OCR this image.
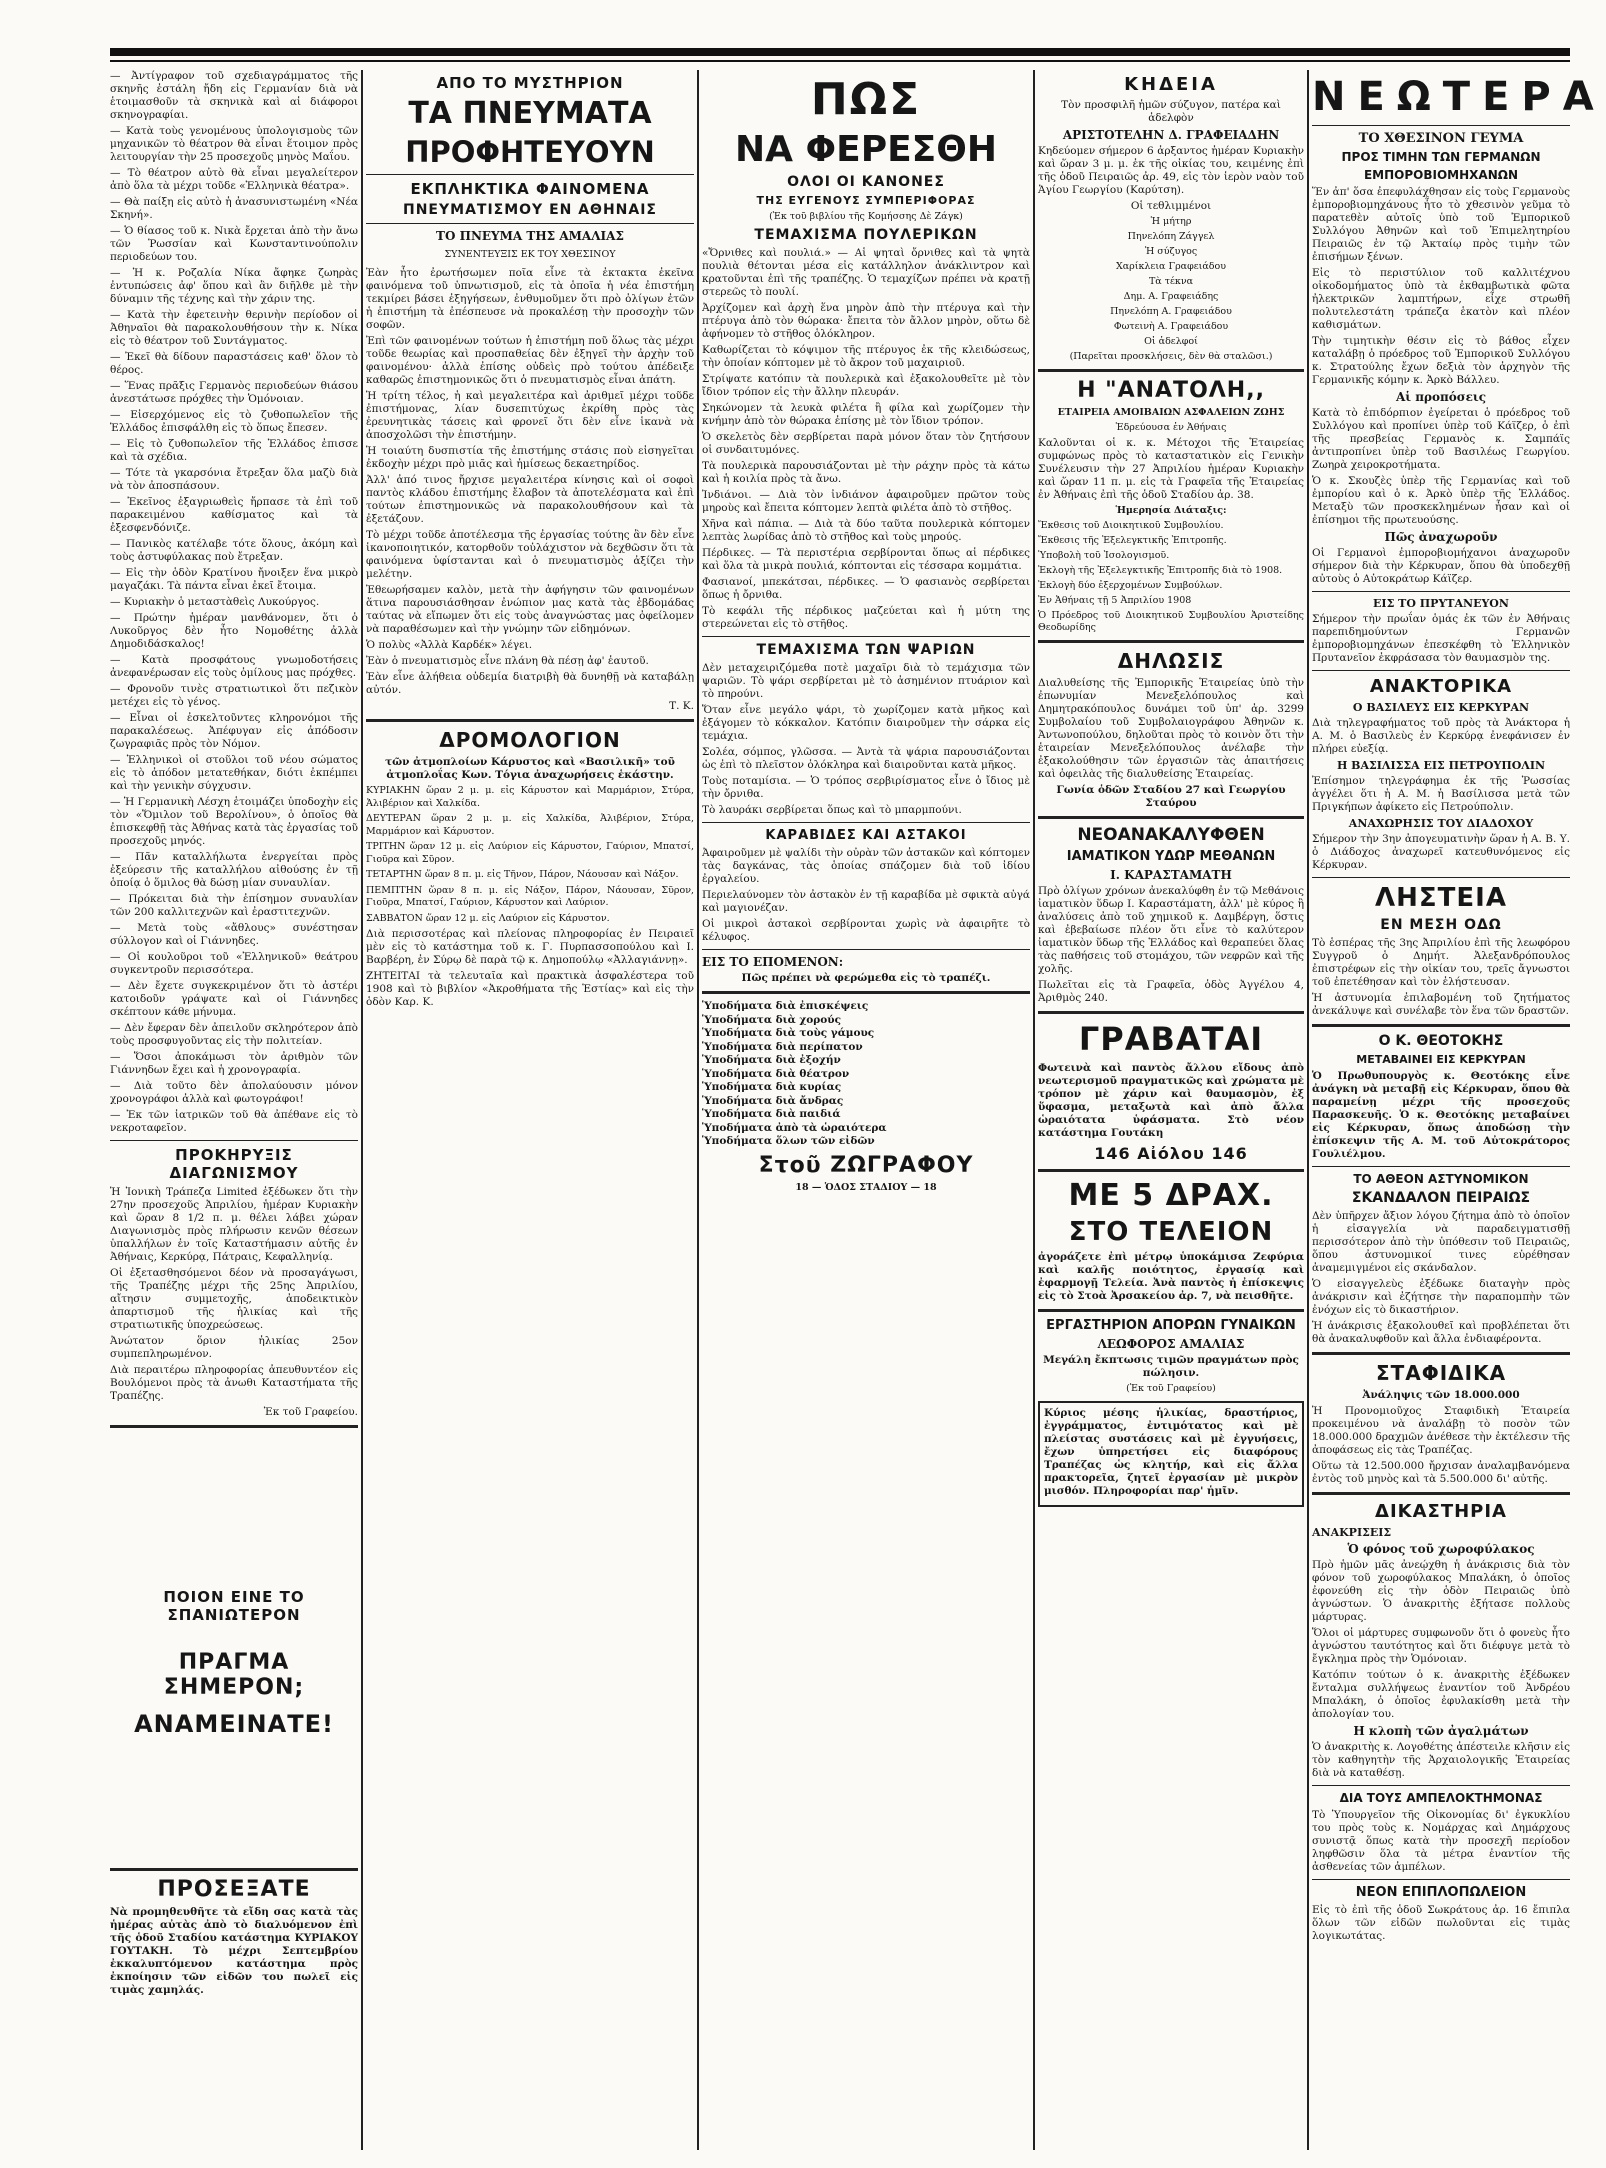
— Ἀντίγραφον τοῦ σχεδιαγράμματος τῆς σκηνῆς ἐστάλη ἤδη εἰς Γερμανίαν διὰ νὰ ἑτοιμασθοῦν τὰ σκηνικὰ καὶ αἱ διάφοροι σκηνογραφίαι.

— Κατὰ τοὺς γενομένους ὑπολογισμοὺς τῶν μηχανικῶν τὸ θέατρον θὰ εἶναι ἕτοιμον πρὸς λειτουργίαν τὴν 25 προσεχοῦς μηνὸς Μαΐου.

— Τὸ θέατρον αὐτὸ θὰ εἶναι μεγαλείτερον ἀπὸ ὅλα τὰ μέχρι τοῦδε «Ἑλληνικὰ θέατρα».

— Θὰ παίξη εἰς αὐτὸ ἡ ἀνασυνιστωμένη «Νέα Σκηνή».

— Ὁ θίασος τοῦ κ. Νικὰ ἔρχεται ἀπὸ τὴν ἄνω τῶν Ῥωσσίαν καὶ Κωνσταντινούπολιν περιοδεύων του.

— Ἡ κ. Ροζαλία Νίκα ἄφηκε ζωηρὰς ἐντυπώσεις ἀφ' ὅπου καὶ ἂν διῆλθε μὲ τὴν δύναμιν τῆς τέχνης καὶ τὴν χάριν της.

— Κατὰ τὴν ἐφετεινὴν θερινὴν περίοδον οἱ Ἀθηναῖοι θὰ παρακολουθήσουν τὴν κ. Νίκα εἰς τὸ θέατρον τοῦ Συντάγματος.

— Ἐκεῖ θὰ δίδουν παραστάσεις καθ' ὅλον τὸ θέρος.

— Ἕνας πρᾶξις Γερμανὸς περιοδεύων θιάσου ἀνεστάτωσε πρόχθες τὴν Ὁμόνοιαν.

— Εἰσερχόμενος εἰς τὸ ζυθοπωλεῖον τῆς Ἑλλάδος ἐπισφάλθη εἰς τὸ ὅπως ἔπεσεν.

— Εἰς τὸ ζυθοπωλεῖον τῆς Ἑλλάδος ἐπισσε καὶ τὰ σχέδια.

— Τότε τὰ γκαρσόνια ἔτρεξαν ὅλα μαζὺ διὰ νὰ τὸν ἀποσπάσουν.

— Ἐκεῖνος ἐξαγριωθεὶς ἤρπασε τὰ ἐπὶ τοῦ παρακειμένου καθίσματος καὶ τὰ ἐξεσφενδόνιζε.

— Πανικὸς κατέλαβε τότε ὅλους, ἀκόμη καὶ τοὺς ἀστυφύλακας ποὺ ἔτρεξαν.

— Εἰς τὴν ὁδὸν Κρατίνου ἤνοιξεν ἕνα μικρὸ μαγαζάκι. Τὰ πάντα εἶναι ἐκεῖ ἔτοιμα.

— Κυριακὴν ὁ μεταστὰθεὶς Λυκούργος.

— Πρώτην ἡμέραν μανθάνομεν, ὅτι ὁ Λυκοῦργος δὲν ἦτο Νομοθέτης ἀλλὰ Δημοδιδάσκαλος!

— Κατὰ προσφάτους γνωμοδοτήσεις ἀνεφανέρωσαν εἰς τοὺς ὁμίλους μας πρόχθες.

— Φρονοῦν τινὲς στρατιωτικοὶ ὅτι πεζικὸν μετέχει εἰς τὸ γένος.

— Εἶναι οἱ ἐσκελτοῦντες κληρονόμοι τῆς παρακαλέσεως. Ἀπέφυγαν εἰς ἀπόδοσιν ζωγραφιᾶς πρὸς τὸν Νόμον.

— Ἑλληνικοὶ οἱ στοῦλοι τοῦ νέου σώματος εἰς τὸ ἀπόδον μετατεθήκαν, διότι ἐκπέμπει καὶ τὴν γενικὴν σύγχυσιν.

— Ἡ Γερμανικὴ Λέσχη ἑτοιμάζει ὑποδοχὴν εἰς τὸν «Ὅμιλον τοῦ Βερολίνου», ὁ ὁποῖος θὰ ἐπισκεφθῇ τὰς Ἀθήνας κατὰ τὰς ἐργασίας τοῦ προσεχοῦς μηνός.

— Πᾶν καταλλήλωτα ἐνεργείται πρὸς ἐξεύρεσιν τῆς καταλλήλου αἰθούσης ἐν τῇ ὁποίᾳ ὁ ὅμιλος θὰ δώσῃ μίαν συναυλίαν.

— Πρόκειται διὰ τὴν ἐπίσημον συναυλίαν τῶν 200 καλλιτεχνῶν καὶ ἐραστιτεχνῶν.

— Μετὰ τοὺς «ἄθλους» συνέστησαν σύλλογον καὶ οἱ Γιάννηδες.

— Οἱ κουλοῦροι τοῦ «Ἐλληνικοῦ» θεάτρου συγκεντροῦν περισσότερα.

— Δὲν ἔχετε συγκεκριμένον ὅτι τὸ ἀστέρι κατοιδοῦν γράψατε καὶ οἱ Γιάννηδες σκέπτουν κάθε μήνυμα.

— Δὲν ἔφεραν δὲν ἀπειλοῦν σκληρότερον ἀπὸ τοὺς προσφυγοῦντας εἰς τὴν πολιτείαν.

— Ὅσοι ἀποκάμωσι τὸν ἀριθμὸν τῶν Γιάννηδων ἔχει καὶ ἡ χρονογραφία.

— Διὰ τοῦτο δὲν ἀπολαύουσιν μόνον χρονογράφοι ἀλλὰ καὶ φωτογράφοι!

— Ἐκ τῶν ἰατρικῶν τοῦ θὰ ἀπέθανε εἰς τὸ νεκροταφεῖον.

ΠΡΟΚΗΡΥΞΙΣ ΔΙΑΓΩΝΙΣΜΟΥ

Ἡ Ἰονικὴ Τράπεζα Limited ἐξέδωκεν ὅτι τὴν 27ην προσεχοῦς Ἀπριλίου, ἡμέραν Κυριακὴν καὶ ὥραν 8 1/2 π. μ. θέλει λάβει χώραν Διαγωνισμὸς πρὸς πλήρωσιν κενῶν θέσεων ὑπαλλήλων ἐν τοῖς Καταστήμασιν αὐτῆς ἐν Ἀθήναις, Κερκύρᾳ, Πάτραις, Κεφαλληνίᾳ.

Οἱ ἐξετασθησόμενοι δέον νὰ προσαγάγωσι, τῆς Τραπέζης μέχρι τῆς 25ης Ἀπριλίου, αἴτησιν συμμετοχῆς, ἀποδεικτικὸν ἀπαρτισμοῦ τῆς ἡλικίας καὶ τῆς στρατιωτικῆς ὑποχρεώσεως.

Ἀνώτατον ὅριον ἡλικίας 25ον συμπεπληρωμένον.

Διὰ περαιτέρω πληροφορίας ἀπευθυντέον εἰς Βουλόμενοι πρὸς τὰ ἀνωθι Καταστήματα τῆς Τραπέζης.

Ἐκ τοῦ Γραφείου.

ΠΟΙΟΝ ΕΙΝΕ ΤΟ ΣΠΑΝΙΩΤΕΡΟΝ
ΠΡΑΓΜΑ ΣΗΜΕΡΟΝ;
ΑΝΑΜΕΙΝΑΤΕ!
ΠΡΟΣΕΞΑΤΕ

Νὰ προμηθευθῆτε τὰ εἴδη σας κατὰ τὰς ἡμέρας αὐτὰς ἀπὸ τὸ διαλυόμενον ἐπὶ τῆς ὁδοῦ Σταδίου κατάστημα ΚΥΡΙΑΚΟΥ ΓΟΥΤΑΚΗ. Τὸ μέχρι Σεπτεμβρίου ἐκκαλυπτόμενον κατάστημα πρὸς ἐκποίησιν τῶν εἰδῶν του πωλεῖ εἰς τιμὰς χαμηλάς.

ΑΠΟ ΤΟ ΜΥΣΤΗΡΙΟΝ
ΤΑ ΠΝΕΥΜΑΤΑ
ΠΡΟΦΗΤΕΥΟΥΝ
ΕΚΠΛΗΚΤΙΚΑ ΦΑΙΝΟΜΕΝΑ
ΠΝΕΥΜΑΤΙΣΜΟΥ ΕΝ ΑΘΗΝΑΙΣ
ΤΟ ΠΝΕΥΜΑ ΤΗΣ ΑΜΑΛΙΑΣ
ΣΥΝΕΝΤΕΥΞΙΣ ΕΚ ΤΟΥ ΧΘΕΣΙΝΟΥ

Ἐὰν ἦτο ἐρωτήσωμεν ποῖα εἶνε τὰ ἐκτακτα ἐκεῖνα φαινόμενα τοῦ ὑπνωτισμοῦ, εἰς τὰ ὁποῖα ἡ νέα ἐπιστήμη τεκμίρει βάσει ἐξηγήσεων, ἐνθυμοῦμεν ὅτι πρὸ ὀλίγων ἐτῶν ἡ ἐπιστήμη τὰ ἐπέσπευσε νὰ προκαλέσῃ τὴν προσοχὴν τῶν σοφῶν.

Ἐπὶ τῶν φαινομένων τούτων ἡ ἐπιστήμη ποῦ ὅλως τὰς μέχρι τοῦδε θεωρίας καὶ προσπαθείας δὲν ἐξηγεῖ τὴν ἀρχὴν τοῦ φαινομένου· ἀλλὰ ἐπίσης οὐδεὶς πρὸ τούτου ἀπέδειξε καθαρῶς ἐπιστημονικῶς ὅτι ὁ πνευματισμὸς εἶναι ἀπάτη.

Ἡ τρίτη τέλος, ἡ καὶ μεγαλειτέρα καὶ ἀριθμεῖ μέχρι τοῦδε ἐπιστήμονας, λίαν δυσεπιτύχως ἐκρίθη πρὸς τὰς ἐρευνητικὰς τάσεις καὶ φρονεῖ ὅτι δὲν εἶνε ἱκανὰ νὰ ἀποσχολῶσι τὴν ἐπιστήμην.

Ἡ τοιαύτη δυσπιστία τῆς ἐπιστήμης στάσις ποὺ εἰσηγεῖται ἐκδοχὴν μέχρι πρὸ μιᾶς καὶ ἡμίσεως δεκαετηρίδος.

Ἀλλ' ἀπό τινος ἤρχισε μεγαλειτέρα κίνησις καὶ οἱ σοφοὶ παντὸς κλάδου ἐπιστήμης ἔλαβον τὰ ἀποτελέσματα καὶ ἐπὶ τούτων ἐπιστημονικῶς νὰ παρακολουθήσουν καὶ τὰ ἐξετάζουν.

Τὸ μέχρι τοῦδε ἀποτέλεσμα τῆς ἐργασίας τούτης ἂν δὲν εἶνε ἱκανοποιητικόν, κατορθοῦν τοὐλάχιστον νὰ δεχθῶσιν ὅτι τὰ φαινόμενα ὑφίστανται καὶ ὁ πνευματισμὸς ἀξίζει τὴν μελέτην.

Ἐθεωρήσαμεν καλὸν, μετὰ τὴν ἀφήγησιν τῶν φαινομένων ἅτινα παρουσιάσθησαν ἐνώπιον μας κατὰ τὰς ἐβδομάδας ταύτας νὰ εἴπωμεν ὅτι εἰς τοὺς ἀναγνώστας μας ὀφείλομεν νὰ παραθέσωμεν καὶ τὴν γνώμην τῶν εἰδημόνων.

Ὁ πολὺς «Ἀλλὰ Καρδέκ» λέγει.

Ἐὰν ὁ πνευματισμὸς εἶνε πλάνη θὰ πέσῃ ἀφ' ἑαυτοῦ.

Ἐὰν εἶνε ἀλήθεια οὐδεμία διατριβὴ θὰ δυνηθῇ νὰ καταβάλῃ αὐτόν.

Τ. Κ.

ΔΡΟΜΟΛΟΓΙΟΝ

τῶν ἀτμοπλοίων Κάρυστος καὶ «Βασιλικῆ» τοῦ ἀτμοπλοΐας Κων. Τόγια ἀναχωρήσεις ἑκάστην.

ΚΥΡΙΑΚΗΝ ὥραν 2 μ. μ. εἰς Κάρυστον καὶ Μαρμάριον, Στύρα, Ἀλιβέριον καὶ Χαλκίδα.

ΔΕΥΤΕΡΑΝ ὥραν 2 μ. μ. εἰς Χαλκίδα, Ἀλιβέριον, Στύρα, Μαρμάριον καὶ Κάρυστον.

ΤΡΙΤΗΝ ὥραν 12 μ. εἰς Λαύριον εἰς Κάρυστον, Γαύριον, Μπατσί, Γιοῦρα καὶ Σῦρον.

ΤΕΤΑΡΤΗΝ ὥραν 8 π. μ. εἰς Τῆνον, Πάρον, Νάουσαν καὶ Νάξον.

ΠΕΜΠΤΗΝ ὥραν 8 π. μ. εἰς Νάξον, Πάρον, Νάουσαν, Σῦρον, Γιοῦρα, Μπατσί, Γαύριον, Κάρυστον καὶ Λαύριον.

ΣΑΒΒΑΤΟΝ ὥραν 12 μ. εἰς Λαύριον εἰς Κάρυστον.

Διὰ περισσοτέρας καὶ πλείονας πληροφορίας ἐν Πειραιεῖ μὲν εἰς τὸ κατάστημα τοῦ κ. Γ. Πυρπασσοπούλου καὶ Ι. Βαρβέρη, ἐν Σύρῳ δὲ παρὰ τῷ κ. Δημοπούλῳ «Ἀλλαγιάννῃ».

ΖΗΤΕΙΤΑΙ τὰ τελευταῖα καὶ πρακτικὰ ἀσφαλέστερα τοῦ 1908 καὶ τὸ βιβλίον «Ἀκροθήματα τῆς Ἑστίας» καὶ εἰς τὴν ὁδὸν Καρ. Κ.

ΠΩΣ
ΝΑ ΦΕΡΕΣΘΗ
ΟΛΟΙ ΟΙ ΚΑΝΟΝΕΣ
ΤΗΣ ΕΥΓΕΝΟΥΣ ΣΥΜΠΕΡΙΦΟΡΑΣ
(Ἐκ τοῦ βιβλίου τῆς Κομήσσης Δὲ Ζάγκ)
ΤΕΜΑΧΙΣΜΑ ΠΟΥΛΕΡΙΚΩΝ

«Ὄρνιθες καὶ πουλιά.» — Αἱ ψηταὶ ὄρνιθες καὶ τὰ ψητὰ πουλιὰ θέτονται μέσα εἰς κατάλληλον ἀνάκλιντρον καὶ κρατοῦνται ἐπὶ τῆς τραπέζης. Ὁ τεμαχίζων πρέπει νὰ κρατῇ στερεῶς τὸ πουλί.

Ἀρχίζομεν καὶ ἀρχὴ ἕνα μηρὸν ἀπὸ τὴν πτέρυγα καὶ τὴν πτέρυγα ἀπὸ τὸν θώρακα· ἔπειτα τὸν ἄλλον μηρὸν, οὕτω δὲ ἀφήνομεν τὸ στῆθος ὁλόκληρον.

Καθωρίζεται τὸ κόψιμον τῆς πτέρυγος ἐκ τῆς κλειδώσεως, τὴν ὁποίαν κόπτομεν μὲ τὸ ἄκρον τοῦ μαχαιριοῦ.

Στρίψατε κατόπιν τὰ πουλερικὰ καὶ ἐξακολουθεῖτε μὲ τὸν ἴδιον τρόπον εἰς τὴν ἄλλην πλευράν.

Σηκώνομεν τὰ λευκὰ φιλέτα ἢ φίλα καὶ χωρίζομεν τὴν κνήμην ἀπὸ τὸν θώρακα ἐπίσης μὲ τὸν ἴδιον τρόπον.

Ὁ σκελετὸς δὲν σερβίρεται παρὰ μόνον ὅταν τὸν ζητήσουν οἱ συνδαιτυμόνες.

Τὰ πουλερικὰ παρουσιάζονται μὲ τὴν ράχην πρὸς τὰ κάτω καὶ ἡ κοιλία πρὸς τὰ ἄνω.

Ἰνδιάνοι. — Διὰ τὸν ἰνδιάνον ἀφαιροῦμεν πρῶτον τοὺς μηροὺς καὶ ἔπειτα κόπτομεν λεπτὰ φιλέτα ἀπὸ τὸ στῆθος.

Χῆνα καὶ πάπια. — Διὰ τὰ δύο ταῦτα πουλερικὰ κόπτομεν λεπτὰς λωρίδας ἀπὸ τὸ στῆθος καὶ τοὺς μηρούς.

Πέρδικες. — Τὰ περιστέρια σερβίρονται ὅπως αἱ πέρδικες καὶ ὅλα τὰ μικρὰ πουλιά, κόπτονται εἰς τέσσαρα κομμάτια.

Φασιανοί, μπεκάτσαι, πέρδικες. — Ὁ φασιανὸς σερβίρεται ὅπως ἡ ὄρνιθα.

Τὸ κεφάλι τῆς πέρδικος μαζεύεται καὶ ἡ μύτη της στερεώνεται εἰς τὸ στῆθος.

ΤΕΜΑΧΙΣΜΑ ΤΩΝ ΨΑΡΙΩΝ

Δὲν μεταχειριζόμεθα ποτὲ μαχαῖρι διὰ τὸ τεμάχισμα τῶν ψαριῶν. Τὸ ψάρι σερβίρεται μὲ τὸ ἀσημένιον πτυάριον καὶ τὸ πηρούνι.

Ὅταν εἶνε μεγάλο ψάρι, τὸ χωρίζομεν κατὰ μῆκος καὶ ἐξάγομεν τὸ κόκκαλον. Κατόπιν διαιροῦμεν τὴν σάρκα εἰς τεμάχια.

Σολέα, σόμπος, γλῶσσα. — Ἀντὰ τὰ ψάρια παρουσιάζονται ὡς ἐπὶ τὸ πλεῖστον ὁλόκληρα καὶ διαιροῦνται κατὰ μῆκος.

Τοὺς ποταμίσια. — Ὁ τρόπος σερβιρίσματος εἶνε ὁ ἴδιος μὲ τὴν ὄρνιθα.

Τὸ λαυράκι σερβίρεται ὅπως καὶ τὸ μπαρμπούνι.

ΚΑΡΑΒΙΔΕΣ ΚΑΙ ΑΣΤΑΚΟΙ

Ἀφαιροῦμεν μὲ ψαλίδι τὴν οὐρὰν τῶν ἀστακῶν καὶ κόπτομεν τὰς δαγκάνας, τὰς ὁποίας σπάζομεν διὰ τοῦ ἰδίου ἐργαλείου.

Περιελαύνομεν τὸν ἀστακὸν ἐν τῇ καραβίδα μὲ σφικτὰ αὐγά καὶ μαγιονέζαν.

Οἱ μικροὶ ἀστακοὶ σερβίρονται χωρὶς νὰ ἀφαιρῆτε τὸ κέλυφος.

ΕΙΣ ΤΟ ΕΠΟΜΕΝΟΝ:

Πῶς πρέπει νὰ φερώμεθα εἰς τὸ τραπέζι.

Ὑποδήματα διὰ ἐπισκέψεις
Ὑποδήματα διὰ χορούς
Ὑποδήματα διὰ τοὺς γάμους
Ὑποδήματα διὰ περίπατον
Ὑποδήματα διὰ ἐξοχήν
Ὑποδήματα διὰ θέατρον
Ὑποδήματα διὰ κυρίας
Ὑποδήματα διὰ ἄνδρας
Ὑποδήματα διὰ παιδιά
Ὑποδήματα ἀπὸ τὰ ὡραιότερα
Ὑποδήματα ὅλων τῶν εἰδῶν
Στοῦ ΖΩΓΡΑΦΟΥ
18 — ὉΔΟΣ ΣΤΑΔΙΟΥ — 18
ΚΗΔΕΙΑ

Τὸν προσφιλῆ ἡμῶν σύζυγον, πατέρα καὶ ἀδελφὸν

ΑΡΙΣΤΟΤΕΛΗΝ Δ. ΓΡΑΦΕΙΑΔΗΝ

Κηδεύομεν σήμερον 6 ἀρξαντος ἡμέραν Κυριακὴν καὶ ὥραν 3 μ. μ. ἐκ τῆς οἰκίας του, κειμένης ἐπὶ τῆς ὁδοῦ Πειραιῶς ἀρ. 49, εἰς τὸν ἱερὸν ναὸν τοῦ Ἁγίου Γεωργίου (Καρύτση).

Οἱ τεθλιμμένοι

Ἡ μήτηρ

Πηνελόπη Ζάγγελ

Ἡ σύζυγος

Χαρίκλεια Γραφειάδου

Τὰ τέκνα

Δημ. Α. Γραφειάδης

Πηνελόπη Α. Γραφειάδου

Φωτεινὴ Α. Γραφειάδου

Οἱ ἀδελφοί

(Παρεῖται προσκλήσεις, δὲν θὰ σταλῶσι.)

Η "ΑΝΑΤΟΛΗ,,
ΕΤΑΙΡΕΙΑ ΑΜΟΙΒΑΙΩΝ ΑΣΦΑΛΕΙΩΝ ΖΩΗΣ

Ἑδρεύουσα ἐν Ἀθήναις

Καλοῦνται οἱ κ. κ. Μέτοχοι τῆς Ἑταιρείας συμφώνως πρὸς τὸ καταστατικὸν εἰς Γενικὴν Συνέλευσιν τὴν 27 Ἀπριλίου ἡμέραν Κυριακὴν καὶ ὥραν 11 π. μ. εἰς τὰ Γραφεῖα τῆς Ἑταιρείας ἐν Ἀθήναις ἐπὶ τῆς ὁδοῦ Σταδίου ἀρ. 38.

Ἡμερησία Διάταξις:

Ἔκθεσις τοῦ Διοικητικοῦ Συμβουλίου.

Ἔκθεσις τῆς Ἐξελεγκτικῆς Ἐπιτροπῆς.

Ὑποβολὴ τοῦ Ἰσολογισμοῦ.

Ἐκλογὴ τῆς Ἐξελεγκτικῆς Ἐπιτροπῆς διὰ τὸ 1908.

Ἐκλογὴ δύο ἐξερχομένων Συμβούλων.

Ἐν Ἀθήναις τῇ 5 Ἀπριλίου 1908

Ὁ Πρόεδρος τοῦ Διοικητικοῦ Συμβουλίου Ἀριστείδης Θεοδωρίδης

ΔΗΛΩΣΙΣ

Διαλυθείσης τῆς Ἐμπορικῆς Ἑταιρείας ὑπὸ τὴν ἐπωνυμίαν Μενεξελόπουλος καὶ Δημητρακόπουλος δυνάμει τοῦ ὑπ' ἀρ. 3299 Συμβολαίου τοῦ Συμβολαιογράφου Ἀθηνῶν κ. Ἀντωνοπούλου, δηλοῦται πρὸς τὸ κοινὸν ὅτι τὴν ἑταιρείαν Μενεξελόπουλος ἀνέλαβε τὴν ἐξακολούθησιν τῶν ἐργασιῶν τὰς ἀπαιτήσεις καὶ ὀφειλὰς τῆς διαλυθείσης Ἑταιρείας.

Γωνία ὁδῶν Σταδίου 27 καὶ Γεωργίου Σταύρου

ΝΕΟΑΝΑΚΑΛΥΦΘΕΝ
ΙΑΜΑΤΙΚΟΝ ΥΔΩΡ ΜΕΘΑΝΩΝ
Ι. ΚΑΡΑΣΤΑΜΑΤΗ

Πρὸ ὀλίγων χρόνων ἀνεκαλύφθη ἐν τῷ Μεθάνοις ἰαματικὸν ὕδωρ Ι. Καραστάματη, ἀλλ' μὲ κύρος ἢ ἀναλύσεις ἀπὸ τοῦ χημικοῦ κ. Δαμβέργη, ὅστις καὶ ἐβεβαίωσε πλέον ὅτι εἶνε τὸ καλύτερον ἰαματικὸν ὕδωρ τῆς Ἑλλάδος καὶ θεραπεύει ὅλας τὰς παθήσεις τοῦ στομάχου, τῶν νεφρῶν καὶ τῆς χολῆς.

Πωλεῖται εἰς τὰ Γραφεῖα, ὁδὸς Ἀγγέλου 4, Ἀριθμὸς 240.

ΓΡΑΒΑΤΑΙ

Φωτεινὰ καὶ παντὸς ἄλλου εἴδους ἀπὸ νεωτερισμοῦ πραγματικῶς καὶ χρώματα μὲ τρόπον μὲ χάριν καὶ θαυμασμὸν, ἐξ ὕφασμα, μεταξωτὰ καὶ ἀπὸ ἄλλα ὡραιότατα ὑφάσματα. Στὸ νέον κατάστημα Γουτάκη

146 Αἰόλου 146
ΜΕ 5 ΔΡΑΧ.
ΣΤΟ ΤΕΛΕΙΟΝ

ἀγοράζετε ἐπὶ μέτρῳ ὑποκάμισα Ζεφύρια καὶ καλῆς ποιότητος, ἐργασίᾳ καὶ ἐφαρμογῇ Τελεία. Ἀνὰ παντὸς ἡ ἐπίσκεψις εἰς τὸ Στοὰ Ἀρσακείου ἀρ. 7, νὰ πεισθῆτε.

ΕΡΓΑΣΤΗΡΙΟΝ ΑΠΟΡΩΝ ΓΥΝΑΙΚΩΝ
ΛΕΩΦΟΡΟΣ ΑΜΑΛΙΑΣ

Μεγάλη ἔκπτωσις τιμῶν πραγμάτων πρὸς πώλησιν.

(Ἐκ τοῦ Γραφείου)

Κύριος μέσης ἡλικίας, δραστήριος, ἐγγράμματος, ἐντιμότατος καὶ μὲ πλείστας συστάσεις καὶ μὲ ἐγγυήσεις, ἔχων ὑπηρετήσει εἰς διαφόρους Τραπέζας ὡς κλητήρ, καὶ εἰς ἄλλα πρακτορεῖα, ζητεῖ ἐργασίαν μὲ μικρὸν μισθόν. Πληροφορίαι παρ' ἡμῖν.

ΝΕΩΤΕΡΑ
ΤΟ ΧΘΕΣΙΝΟΝ ΓΕΥΜΑ
ΠΡΟΣ ΤΙΜΗΝ ΤΩΝ ΓΕΡΜΑΝΩΝ
ΕΜΠΟΡΟΒΙΟΜΗΧΑΝΩΝ

Ἕν ἀπ' ὅσα ἐπεφυλάχθησαν εἰς τοὺς Γερμανοὺς ἐμποροβιομηχάνους ἦτο τὸ χθεσινὸν γεῦμα τὸ παρατεθὲν αὐτοῖς ὑπὸ τοῦ Ἐμπορικοῦ Συλλόγου Ἀθηνῶν καὶ τοῦ Ἐπιμελητηρίου Πειραιῶς ἐν τῷ Ἀκταίῳ πρὸς τιμὴν τῶν ἐπισήμων ξένων.

Εἰς τὸ περιστύλιον τοῦ καλλιτέχνου οἰκοδομήματος ὑπὸ τὰ ἐκθαμβωτικὰ φῶτα ἠλεκτρικῶν λαμπτήρων, εἶχε στρωθῆ πολυτελεστάτη τράπεζα ἑκατὸν καὶ πλέον καθισμάτων.

Τὴν τιμητικὴν θέσιν εἰς τὸ βάθος εἶχεν καταλάβῃ ὁ πρόεδρος τοῦ Ἐμπορικοῦ Συλλόγου κ. Στρατούλης ἔχων δεξιὰ τὸν ἀρχηγὸν τῆς Γερμανικῆς κόμην κ. Ἀρκὸ Βάλλευ.

Αἱ προπόσεις

Κατὰ τὸ ἐπιδόρπιον ἐγείρεται ὁ πρόεδρος τοῦ Συλλόγου καὶ προπίνει ὑπὲρ τοῦ Κάϊζερ, ὁ ἐπὶ τῆς πρεσβείας Γερμανὸς κ. Σαμπάϊς ἀντιπροπίνει ὑπὲρ τοῦ Βασιλέως Γεωργίου. Ζωηρὰ χειροκροτήματα.

Ὁ κ. Σκουζὲς ὑπὲρ τῆς Γερμανίας καὶ τοῦ ἐμπορίου καὶ ὁ κ. Ἀρκὸ ὑπὲρ τῆς Ἑλλάδος. Μεταξὺ τῶν προσκεκλημένων ἦσαν καὶ οἱ ἐπίσημοι τῆς πρωτευούσης.

Πῶς ἀναχωροῦν

Οἱ Γερμανοὶ ἐμποροβιομήχανοι ἀναχωροῦν σήμερον διὰ τὴν Κέρκυραν, ὅπου θὰ ὑποδεχθῇ αὐτοὺς ὁ Αὐτοκράτωρ Κάϊζερ.

ΕΙΣ ΤΟ ΠΡΥΤΑΝΕΥΟΝ

Σήμερον τὴν πρωΐαν ὁμάς ἐκ τῶν ἐν Ἀθήναις παρεπιδημούντων Γερμανῶν ἐμποροβιομηχάνων ἐπεσκέφθη τὸ Ἑλληνικὸν Πρυτανεῖον ἐκφράσασα τὸν θαυμασμὸν της.

ΑΝΑΚΤΟΡΙΚΑ
Ο ΒΑΣΙΛΕΥΣ ΕΙΣ ΚΕΡΚΥΡΑΝ

Διὰ τηλεγραφήματος τοῦ πρὸς τὰ Ἀνάκτορα ἡ Α. Μ. ὁ Βασιλεὺς ἐν Κερκύρᾳ ἐνεφάνισεν ἐν πλήρει εὐεξίᾳ.

Η ΒΑΣΙΛΙΣΣΑ ΕΙΣ ΠΕΤΡΟΥΠΟΛΙΝ

Ἐπίσημον τηλεγράφημα ἐκ τῆς Ῥωσσίας ἀγγέλει ὅτι ἡ Α. Μ. ἡ Βασίλισσα μετὰ τῶν Πριγκήπων ἀφίκετο εἰς Πετρούπολιν.

ΑΝΑΧΩΡΗΣΙΣ ΤΟΥ ΔΙΑΔΟΧΟΥ

Σήμερον τὴν 3ην ἀπογευματινὴν ὥραν ἡ Α. Β. Υ. ὁ Διάδοχος ἀναχωρεῖ κατευθυνόμενος εἰς Κέρκυραν.

ΛΗΣΤΕΙΑ
ΕΝ ΜΕΣΗ ΟΔΩ

Τὸ ἑσπέρας τῆς 3ης Ἀπριλίου ἐπὶ τῆς λεωφόρου Συγγροῦ ὁ Δημήτ. Ἀλεξανδρόπουλος ἐπιστρέφων εἰς τὴν οἰκίαν του, τρεῖς ἄγνωστοι τοῦ ἐπετέθησαν καὶ τὸν ἐλήστευσαν.

Ἡ ἀστυνομία ἐπιλαβομένη τοῦ ζητήματος ἀνεκάλυψε καὶ συνέλαβε τὸν ἕνα τῶν δραστῶν.

Ο Κ. ΘΕΟΤΟΚΗΣ
ΜΕΤΑΒΑΙΝΕΙ ΕΙΣ ΚΕΡΚΥΡΑΝ

Ὁ Πρωθυπουργὸς κ. Θεοτόκης εἶνε ἀνάγκη νὰ μεταβῇ εἰς Κέρκυραν, ὅπου θὰ παραμείνῃ μέχρι τῆς προσεχοῦς Παρασκευῆς. Ὁ κ. Θεοτόκης μεταβαίνει εἰς Κέρκυραν, ὅπως ἀποδώσῃ τὴν ἐπίσκεψιν τῆς Α. Μ. τοῦ Αὐτοκράτορος Γουλιέλμου.

ΤΟ ΑΘΕΟΝ ΑΣΤΥΝΟΜΙΚΟΝ
ΣΚΑΝΔΑΛΟΝ ΠΕΙΡΑΙΩΣ

Δὲν ὑπῆρχεν ἄξιον λόγου ζήτημα ἀπὸ τὸ ὁποῖον ἡ εἰσαγγελία νὰ παραδειγματισθῇ περισσότερον ἀπὸ τὴν ὑπόθεσιν τοῦ Πειραιῶς, ὅπου ἀστυνομικοί τινες εὑρέθησαν ἀναμεμιγμένοι εἰς σκάνδαλον.

Ὁ εἰσαγγελεὺς ἐξέδωκε διαταγὴν πρὸς ἀνάκρισιν καὶ ἐζήτησε τὴν παραπομπὴν τῶν ἐνόχων εἰς τὸ δικαστήριον.

Ἡ ἀνάκρισις ἐξακολουθεῖ καὶ προβλέπεται ὅτι θὰ ἀνακαλυφθοῦν καὶ ἄλλα ἐνδιαφέροντα.

ΣΤΑΦΙΔΙΚΑ

Ἀνάληψις τῶν 18.000.000

Ἡ Προνομιοῦχος Σταφιδικὴ Ἑταιρεία προκειμένου νὰ ἀναλάβῃ τὸ ποσὸν τῶν 18.000.000 δραχμῶν ἀνέθεσε τὴν ἐκτέλεσιν τῆς ἀποφάσεως εἰς τὰς Τραπέζας.

Οὕτω τὰ 12.500.000 ἤρχισαν ἀναλαμβανόμενα ἐντὸς τοῦ μηνὸς καὶ τὰ 5.500.000 δι' αὐτῆς.

ΔΙΚΑΣΤΗΡΙΑ
ΑΝΑΚΡΙΣΕΙΣ
Ὁ φόνος τοῦ χωροφύλακος

Πρὸ ἡμῶν μᾶς ἀνεῴχθη ἡ ἀνάκρισις διὰ τὸν φόνον τοῦ χωροφύλακος Μπαλάκη, ὁ ὁποῖος ἐφονεύθη εἰς τὴν ὁδὸν Πειραιῶς ὑπὸ ἀγνώστων. Ὁ ἀνακριτὴς ἐξήτασε πολλοὺς μάρτυρας.

Ὅλοι οἱ μάρτυρες συμφωνοῦν ὅτι ὁ φονεὺς ἦτο ἀγνώστου ταυτότητος καὶ ὅτι διέφυγε μετὰ τὸ ἔγκλημα πρὸς τὴν Ὁμόνοιαν.

Κατόπιν τούτων ὁ κ. ἀνακριτὴς ἐξέδωκεν ἔνταλμα συλλήψεως ἐναντίον τοῦ Ἀνδρέου Μπαλάκη, ὁ ὁποῖος ἐφυλακίσθη μετὰ τὴν ἀπολογίαν του.

Η κλοπὴ τῶν ἀγαλμάτων

Ὁ ἀνακριτὴς κ. Λογοθέτης ἀπέστειλε κλῆσιν εἰς τὸν καθηγητὴν τῆς Ἀρχαιολογικῆς Ἑταιρείας διὰ νὰ καταθέσῃ.

ΔΙΑ ΤΟΥΣ ΑΜΠΕΛΟΚΤΗΜΟΝΑΣ

Τὸ Ὑπουργεῖον τῆς Οἰκονομίας δι' ἐγκυκλίου του πρὸς τοὺς κ. Νομάρχας καὶ Δημάρχους συνιστᾷ ὅπως κατὰ τὴν προσεχῆ περίοδον ληφθῶσιν ὅλα τὰ μέτρα ἐναντίον τῆς ἀσθενείας τῶν ἀμπέλων.

ΝΕΟΝ ΕΠΙΠΛΟΠΩΛΕΙΟΝ

Εἰς τὸ ἐπὶ τῆς ὁδοῦ Σωκράτους ἀρ. 16 ἔπιπλα ὅλων τῶν εἰδῶν πωλοῦνται εἰς τιμὰς λογικωτάτας.
